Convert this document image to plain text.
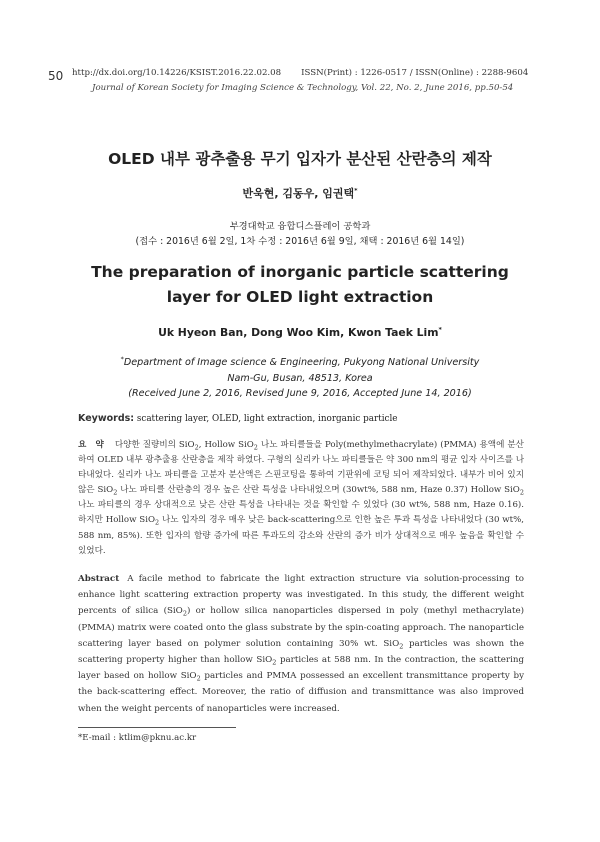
50 http://dx.doi.org/10.14226/KSIST.2016.22.02.08 ISSN(Print) : 1226-0517 / ISSN(Online) : 2288-9604
Journal of Korean Society for Imaging Science & Technology, Vol. 22, No. 2, June 2016, pp.50-54
OLED 내부 광추출용 무기 입자가 분산된 산란층의 제작
반욱현, 김동우, 임권택*
부경대학교 융합디스플레이 공학과
(접수 : 2016년 6월 2일, 1차 수정 : 2016년 6월 9일, 채택 : 2016년 6월 14일)
The preparation of inorganic particle scattering layer for OLED light extraction
Uk Hyeon Ban, Dong Woo Kim, Kwon Taek Lim*
*Department of Image science & Engineering, Pukyong National University
Nam-Gu, Busan, 48513, Korea
(Received June 2, 2016, Revised June 9, 2016, Accepted June 14, 2016)
Keywords: scattering layer, OLED, light extraction, inorganic particle
요 약 다양한 질량비의 SiO$_2$, Hollow SiO$_2$ 나노 파티클들을 Poly(methylmethacrylate) (PMMA) 용액에 분산하여 OLED 내부 광추출용 산란층을 제작 하였다. 구형의 실리카 나노 파티클들은 약 300 nm의 평균 입자 사이즈를 나타내었다. 실리카 나노 파티클을 고분자 분산액은 스핀코팅을 통하여 기판위에 코팅 되어 제작되었다. 내부가 비어 있지 않은 SiO$_2$ 나노 파티클 산란층의 경우 높은 산란 특성을 나타내었으며 (30wt%, 588 nm, Haze 0.37) Hollow SiO$_2$ 나노 파티클의 경우 상대적으로 낮은 산란 특성을 나타내는 것을 확인할 수 있었다 (30 wt%, 588 nm, Haze 0.16). 하지만 Hollow SiO$_2$ 나노 입자의 경우 매우 낮은 back-scattering으로 인한 높은 투과 특성을 나타내었다 (30 wt%, 588 nm, 85%). 또한 입자의 함량 증가에 따른 투과도의 감소와 산란의 증가 비가 상대적으로 매우 높음을 확인할 수 있었다.
Abstract A facile method to fabricate the light extraction structure via solution-processing to enhance light scattering extraction property was investigated. In this study, the different weight percents of silica (SiO$_2$) or hollow silica nanoparticles dispersed in poly (methyl methacrylate) (PMMA) matrix were coated onto the glass substrate by the spin-coating approach. The nanoparticle scattering layer based on polymer solution containing 30% wt. SiO$_2$ particles was shown the scattering property higher than hollow SiO$_2$ particles at 588 nm. In the contraction, the scattering layer based on hollow SiO$_2$ particles and PMMA possessed an excellent transmittance property by the back-scattering effect. Moreover, the ratio of diffusion and transmittance was also improved when the weight percents of nanoparticles were increased.
*E-mail : ktlim@pknu.ac.kr
